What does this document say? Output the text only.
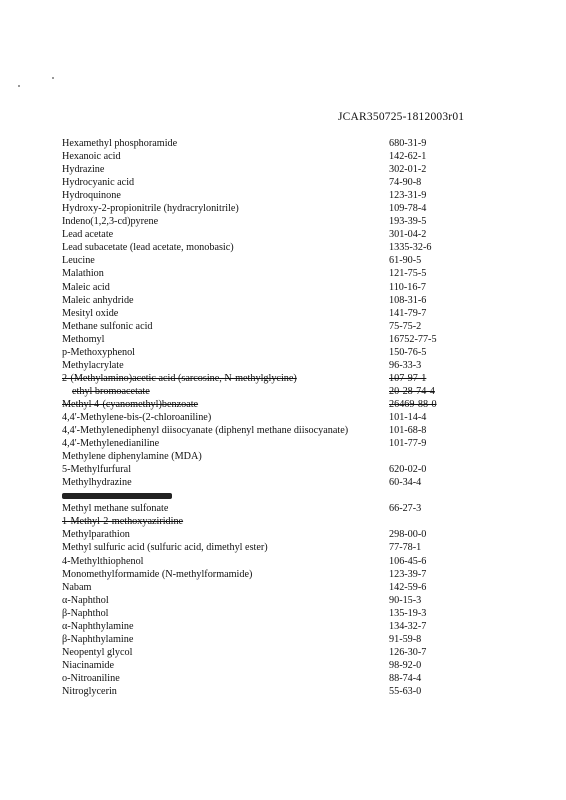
JCAR350725-1812003r01
Hexamethyl phosphoramide	680-31-9
Hexanoic acid	142-62-1
Hydrazine	302-01-2
Hydrocyanic acid	74-90-8
Hydroquinone	123-31-9
Hydroxy-2-propionitrile (hydracrylonitrile)	109-78-4
Indeno(1,2,3-cd)pyrene	193-39-5
Lead acetate	301-04-2
Lead subacetate (lead acetate, monobasic)	1335-32-6
Leucine	61-90-5
Malathion	121-75-5
Maleic acid	110-16-7
Maleic anhydride	108-31-6
Mesityl oxide	141-79-7
Methane sulfonic acid	75-75-2
Methomyl	16752-77-5
p-Methoxyphenol	150-76-5
Methylacrylate	96-33-3
2-(Methylamino)acetic acid (sarcosine, N-methylglycine)	107-97-1
ethyl bromoacetate	20-28-74-4
Methyl 4-(cyanomethyl)benzoate	26469-88-0
4,4'-Methylene-bis-(2-chloroaniline)	101-14-4
4,4'-Methylenediphenyl diisocyanate (diphenyl methane diisocyanate)	101-68-8
4,4'-Methylenedianiline	101-77-9
Methylene diphenylamine (MDA)
5-Methylfurfural	620-02-0
Methylhydrazine	60-34-4
Methyl methane sulfonate	66-27-3
1-Methyl-2-methoxyaziridine
Methylparathion	298-00-0
Methyl sulfuric acid (sulfuric acid, dimethyl ester)	77-78-1
4-Methylthiophenol	106-45-6
Monomethylformamide (N-methylformamide)	123-39-7
Nabam	142-59-6
α-Naphthol	90-15-3
β-Naphthol	135-19-3
α-Naphthylamine	134-32-7
β-Naphthylamine	91-59-8
Neopentyl glycol	126-30-7
Niacinamide	98-92-0
o-Nitroaniline	88-74-4
Nitroglycerin	55-63-0
